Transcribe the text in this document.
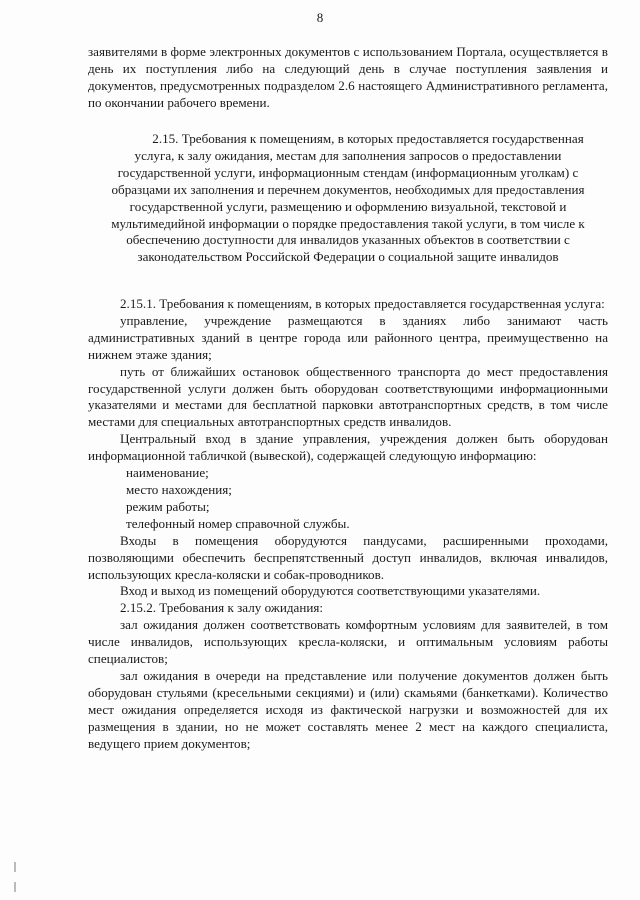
8

заявителями в форме электронных документов с использованием Портала, осуществляется в день их поступления либо на следующий день в случае поступления заявления и документов, предусмотренных подразделом 2.6 настоящего Административного регламента, по окончании рабочего времени.

2.15. Требования к помещениям, в которых предоставляется государственная услуга, к залу ожидания, местам для заполнения запросов о предоставлении государственной услуги, информационным стендам (информационным уголкам) с образцами их заполнения и перечнем документов, необходимых для предоставления государственной услуги, размещению и оформлению визуальной, текстовой и мультимедийной информации о порядке предоставления такой услуги, в том числе к обеспечению доступности для инвалидов указанных объектов в соответствии с законодательством Российской Федерации о социальной защите инвалидов

2.15.1. Требования к помещениям, в которых предоставляется государственная услуга:

управление, учреждение размещаются в зданиях либо занимают часть административных зданий в центре города или районного центра, преимущественно на нижнем этаже здания;

путь от ближайших остановок общественного транспорта до мест предоставления государственной услуги должен быть оборудован соответствующими информационными указателями и местами для бесплатной парковки автотранспортных средств, в том числе местами для специальных автотранспортных средств инвалидов.

Центральный вход в здание управления, учреждения должен быть оборудован информационной табличкой (вывеской), содержащей следующую информацию:

наименование;

место нахождения;

режим работы;

телефонный номер справочной службы.

Входы в помещения оборудуются пандусами, расширенными проходами, позволяющими обеспечить беспрепятственный доступ инвалидов, включая инвалидов, использующих кресла-коляски и собак-проводников.

Вход и выход из помещений оборудуются соответствующими указателями.

2.15.2. Требования к залу ожидания:

зал ожидания должен соответствовать комфортным условиям для заявителей, в том числе инвалидов, использующих кресла-коляски, и оптимальным условиям работы специалистов;

зал ожидания в очереди на представление или получение документов должен быть оборудован стульями (кресельными секциями) и (или) скамьями (банкетками). Количество мест ожидания определяется исходя из фактической нагрузки и возможностей для их размещения в здании, но не может составлять менее 2 мест на каждого специалиста, ведущего прием документов;
